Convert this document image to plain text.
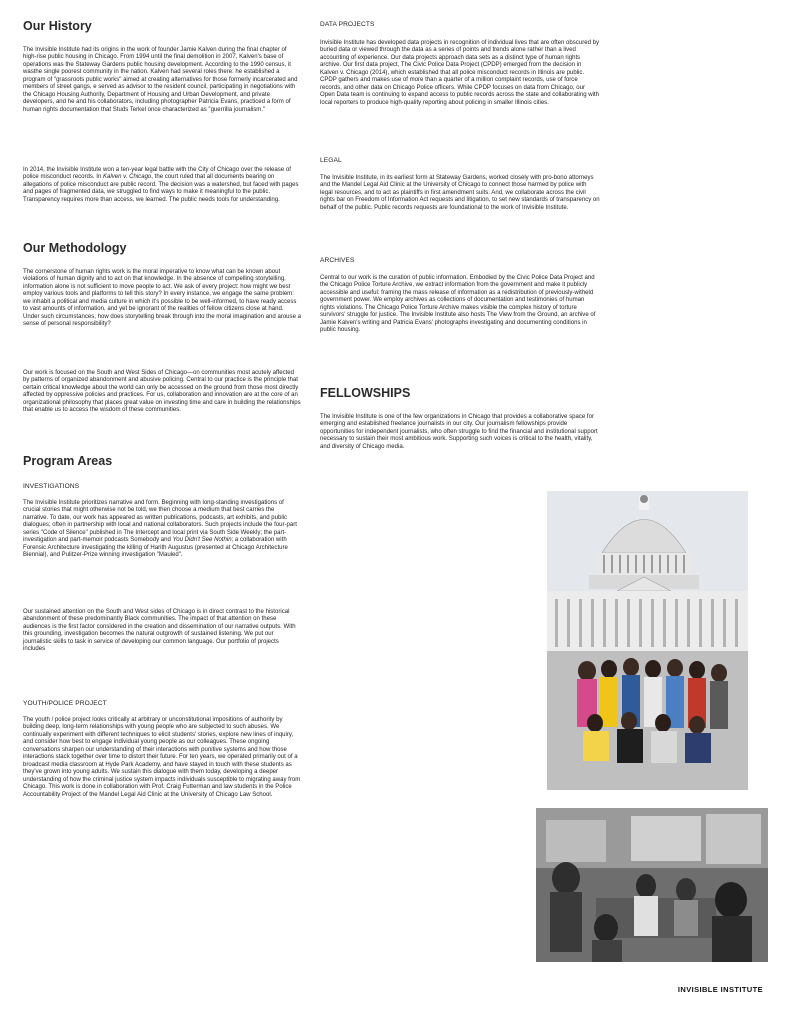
Our History

The Invisible Institute had its origins in the work of founder Jamie Kalven during the final chapter of high-rise public housing in Chicago. From 1994 until the final demolition in 2007, Kalven's base of operations was the Stateway Gardens public housing development. According to the 1990 census, it wasthe single poorest community in the nation. Kalven had several roles there: he established a program of "grassroots public works" aimed at creating alternatives for those formerly incarcerated and members of street gangs, e served as advisor to the resident council, participating in negotiations with the Chicago Housing Authority, Department of Housing and Urban Development, and private developers, and he and his collaborators, including photographer Patricia Evans, practiced a form of human rights documentation that Studs Terkel once characterized as "guerrilla journalism."

In 2014, the Invisible Institute won a ten-year legal battle with the City of Chicago over the release of police misconduct records. In Kalven v. Chicago, the court ruled that all documents bearing on allegations of police misconduct are public record. The decision was a watershed, but faced with pages and pages of fragmented data, we struggled to find ways to make it meaningful to the public. Transparency requires more than access, we learned. The public needs tools for understanding.

Our Methodology

The cornerstone of human rights work is the moral imperative to know what can be known about violations of human dignity and to act on that knowledge. In the absence of compelling storytelling, information alone is not sufficient to move people to act. We ask of every project: how might we best employ various tools and platforms to tell this story? In every instance, we engage the same problem: we inhabit a political and media culture in which it's possible to be well-informed, to have ready access to vast amounts of information, and yet be ignorant of the realities of fellow citizens close at hand. Under such circumstances, how does storytelling break through into the moral imagination and arouse a sense of personal responsibility?

Our work is focused on the South and West Sides of Chicago—on communities most acutely affected by patterns of organized abandonment and abusive policing. Central to our practice is the principle that certain critical knowledge about the world can only be accessed on the ground from those most directly affected by oppressive policies and practices. For us, collaboration and innovation are at the core of an organizational philosophy that places great value on investing time and care in building the relationships that enable us to access the wisdom of these communities.

Program Areas

INVESTIGATIONS

The Invisible Institute prioritizes narrative and form. Beginning with long-standing investigations of crucial stories that might otherwise not be told, we then choose a medium that best carries the narrative. To date, our work has appeared as written publications, podcasts, art exhibits, and public dialogues; often in partnership with local and national collaborators. Such projects include the four-part series "Code of Silence" published in The Intercept and local print via South Side Weekly; the part-investigation and part-memoir podcasts Somebody and You Didn't See Nothin; a collaboration with Forensic Architecture investigating the killing of Harith Augustus (presented at Chicago Architecture Biennial), and Pulitzer-Prize winning investigation "Mauled".

Our sustained attention on the South and West sides of Chicago is in direct contrast to the historical abandonment of these predominantly Black communities. The impact of that attention on these audiences is the first factor considered in the creation and dissemination of our narrative outputs. With this grounding, investigation becomes the natural outgrowth of sustained listening. We put our journalistic skills to task in service of developing our common language. Our portfolio of projects includes

YOUTH/POLICE PROJECT

The youth / police project looks critically at arbitrary or unconstitutional impositions of authority by building deep, long-term relationships with young people who are subjected to such abuses. We continually experiment with different techniques to elicit students' stories, explore new lines of inquiry, and consider how best to engage individual young people as our colleagues. These ongoing conversations sharpen our understanding of their interactions with punitive systems and how those interactions stack together over time to distort their future. For ten years, we operated primarily out of a broadcast media classroom at Hyde Park Academy, and have stayed in touch with these students as they've grown into young adults. We sustain this dialogue with them today, developing a deeper understanding of how the criminal justice system impacts individuals susceptible to migrating away from Chicago. This work is done in collaboration with Prof. Craig Futterman and law students in the Police Accountability Project of the Mandel Legal Aid Clinic at the University of Chicago Law School.

DATA PROJECTS

Invisible Institute has developed data projects in recognition of individual lives that are often obscured by buried data or viewed through the data as a series of points and trends alone rather than a lived accounting of experience. Our data projects approach data sets as a distinct type of human rights archive. Our first data project, The Civic Police Data Project (CPDP) emerged from the decision in Kalven v. Chicago (2014), which established that all police misconduct records in Illinois are public. CPDP gathers and makes use of more than a quarter of a million complaint records, use of force records, and other data on Chicago Police officers. While CPDP focuses on data from Chicago, our Open Data team is continuing to expand access to public records across the state and collaborating with local reporters to produce high-quality reporting about policing in smaller Illinois cities.

LEGAL

The Invisible Institute, in its earliest form at Stateway Gardens, worked closely with pro-bono attorneys and the Mandel Legal Aid Clinic at the University of Chicago to connect those harmed by police with legal resources, and to act as plaintiffs in first amendment suits. And, we collaborate across the civil rights bar on Freedom of Information Act requests and litigation, to set new standards of transparency on behalf of the public. Public records requests are foundational to the work of Invisible Institute.

ARCHIVES

Central to our work is the curation of public information. Embodied by the Civic Police Data Project and the Chicago Police Torture Archive, we extract information from the government and make it publicly accessible and useful: framing the mass release of information as a redistribution of previously-witheld government power. We employ archives as collections of documentation and testimonies of human rights violations. The Chicago Police Torture Archive makes visible the complex history of torture survivors' struggle for justice. The Invisible Institute also hosts The View from the Ground, an archive of Jamie Kalven's writing and Patricia Evans' photographs investigating and documenting conditions in public housing.

FELLOWSHIPS

The Invisible Institute is one of the few organizations in Chicago that provides a collaborative space for emerging and established freelance journalists in our city. Our journalism fellowships provide opportunities for independent journalists, who often struggle to find the financial and institutional support necessary to sustain their most ambitious work. Supporting such voices is critical to the health, vitality, and diversity of Chicago media.

INVISIBLE INSTITUTE
